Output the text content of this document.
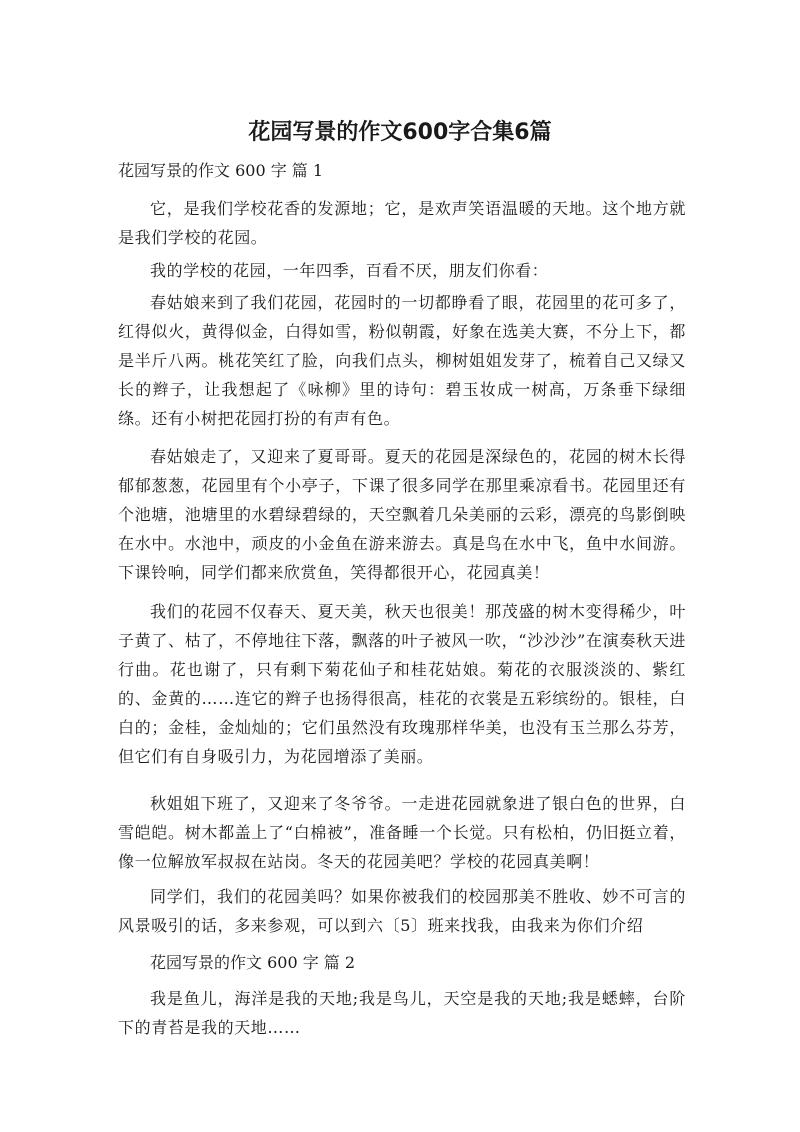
花园写景的作文600字合集6篇
花园写景的作文 600 字 篇 1

它，是我们学校花香的发源地；它，是欢声笑语温暖的天地。这个地方就是我们学校的花园。

我的学校的花园，一年四季，百看不厌，朋友们你看：

春姑娘来到了我们花园，花园时的一切都睁看了眼，花园里的花可多了，红得似火，黄得似金，白得如雪，粉似朝霞，好象在选美大赛，不分上下，都是半斤八两。桃花笑红了脸，向我们点头，柳树姐姐发芽了，梳着自己又绿又长的辫子，让我想起了《咏柳》里的诗句：碧玉妆成一树高，万条垂下绿细绦。还有小树把花园打扮的有声有色。

春姑娘走了，又迎来了夏哥哥。夏天的花园是深绿色的，花园的树木长得郁郁葱葱，花园里有个小亭子，下课了很多同学在那里乘凉看书。花园里还有个池塘，池塘里的水碧绿碧绿的，天空飘着几朵美丽的云彩，漂亮的鸟影倒映在水中。水池中，顽皮的小金鱼在游来游去。真是鸟在水中飞，鱼中水间游。下课铃响，同学们都来欣赏鱼，笑得都很开心，花园真美！

我们的花园不仅春天、夏天美，秋天也很美！那茂盛的树木变得稀少，叶子黄了、枯了，不停地往下落，飘落的叶子被风一吹，“沙沙沙”在演奏秋天进行曲。花也谢了，只有剩下菊花仙子和桂花姑娘。菊花的衣服淡淡的、紫红的、金黄的……连它的辫子也扬得很高，桂花的衣裳是五彩缤纷的。银桂，白白的；金桂，金灿灿的；它们虽然没有玫瑰那样华美，也没有玉兰那么芬芳，但它们有自身吸引力，为花园增添了美丽。

秋姐姐下班了，又迎来了冬爷爷。一走进花园就象进了银白色的世界，白雪皑皑。树木都盖上了“白棉被”，准备睡一个长觉。只有松柏，仍旧挺立着，像一位解放军叔叔在站岗。冬天的花园美吧？学校的花园真美啊！

同学们，我们的花园美吗？如果你被我们的校园那美不胜收、妙不可言的风景吸引的话，多来参观，可以到六〔5〕班来找我，由我来为你们介绍

花园写景的作文 600 字 篇 2

我是鱼儿，海洋是我的天地;我是鸟儿，天空是我的天地;我是蟋蟀，台阶下的青苔是我的天地……
